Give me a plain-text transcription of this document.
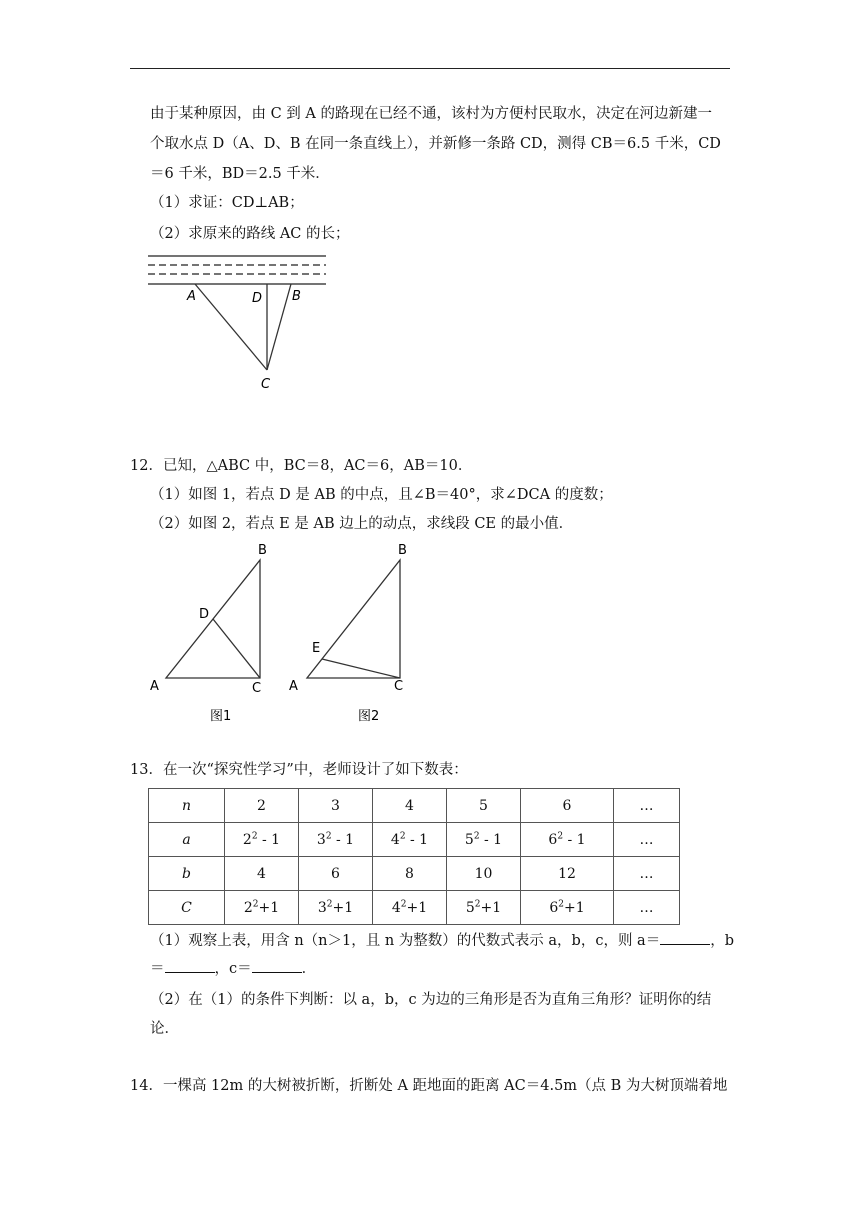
由于某种原因，由 C 到 A 的路现在已经不通，该村为方便村民取水，决定在河边新建一
个取水点 D（A、D、B 在同一条直线上），并新修一条路 CD，测得 CB＝6.5 千米，CD
＝6 千米，BD＝2.5 千米．
（1）求证：CD⊥AB；
（2）求原来的路线 AC 的长；
A	D B
C
12．已知，△ABC 中，BC＝8，AC＝6，AB＝10．
（1）如图 1，若点 D 是 AB 的中点，且∠B＝40°，求∠DCA 的度数；
（2）如图 2，若点 E 是 AB 边上的动点，求线段 CE 的最小值．
B
D
A	C
图1
B
E
A	C
图2
13．在一次“探究性学习”中，老师设计了如下数表：
n	2	3	4	5	6	…
a	$2^2 - 1$	$3^2 - 1$	$4^2 - 1$	$5^2 - 1$	$6^2 - 1$	…
b	4	6	8	10	12	…
C	$2^2+1$	$3^2+1$	$4^2+1$	$5^2+1$	$6^2+1$	…
（1）观察上表，用含 n（n＞1，且 n 为整数）的代数式表示 a，b，c，则 a＝	，b
＝	，c＝	．
（2）在（1）的条件下判断：以 a，b，c 为边的三角形是否为直角三角形？证明你的结
论．
14．一棵高 12m 的大树被折断，折断处 A 距地面的距离 AC＝4.5m（点 B 为大树顶端着地
